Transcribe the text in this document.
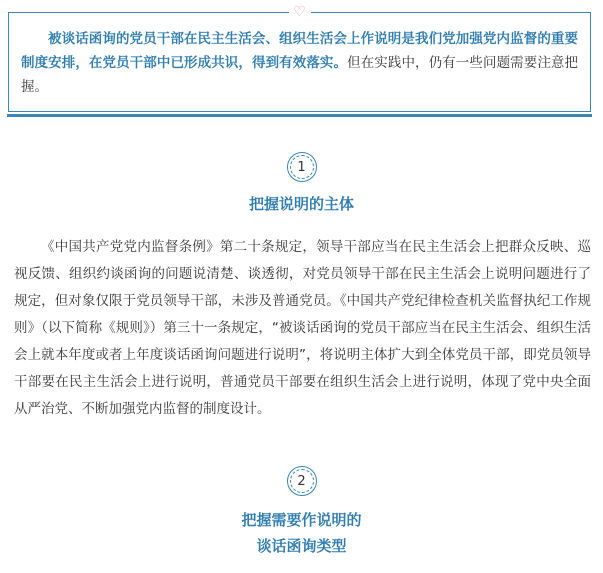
♡
被谈话函询的党员干部在民主生活会、组织生活会上作说明是我们党加强党内监督的重要制度安排，在党员干部中已形成共识，得到有效落实。但在实践中，仍有一些问题需要注意把握。
1
把握说明的主体
《中国共产党党内监督条例》第二十条规定，领导干部应当在民主生活会上把群众反映、巡视反馈、组织约谈函询的问题说清楚、谈透彻，对党员领导干部在民主生活会上说明问题进行了规定，但对象仅限于党员领导干部，未涉及普通党员。《中国共产党纪律检查机关监督执纪工作规则》（以下简称《规则》）第三十一条规定，“被谈话函询的党员干部应当在民主生活会、组织生活会上就本年度或者上年度谈话函询问题进行说明”，将说明主体扩大到全体党员干部，即党员领导干部要在民主生活会上进行说明，普通党员干部要在组织生活会上进行说明，体现了党中央全面从严治党、不断加强党内监督的制度设计。
2
把握需要作说明的
谈话函询类型
